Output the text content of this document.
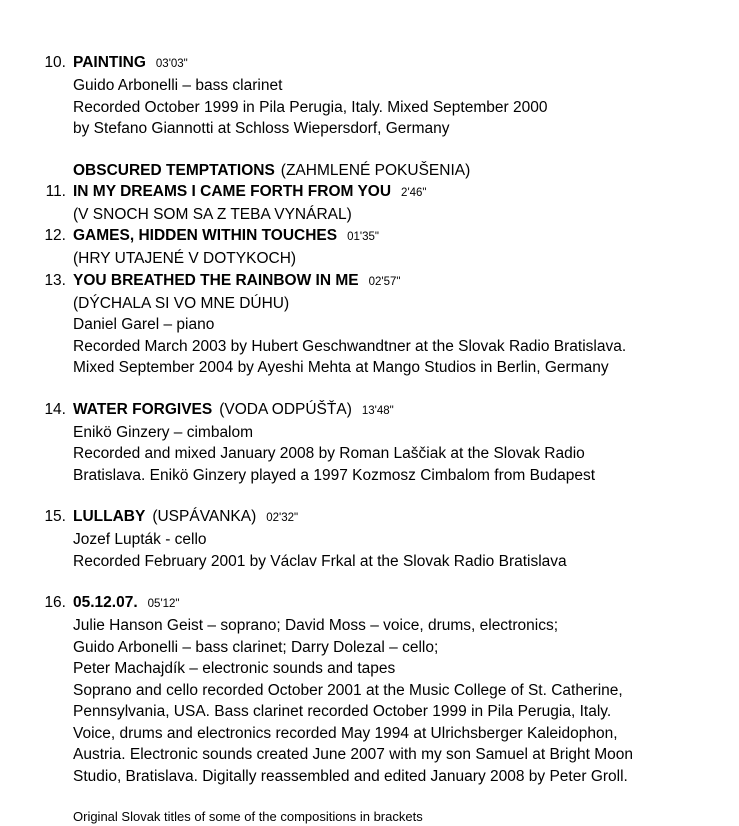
10. PAINTING 03'03"
Guido Arbonelli – bass clarinet
Recorded October 1999 in Pila Perugia, Italy. Mixed September 2000
by Stefano Giannotti at Schloss Wiepersdorf, Germany
OBSCURED TEMPTATIONS (ZAHMLENÉ POKUŠENIA)
11. IN MY DREAMS I CAME FORTH FROM YOU 2'46"
(V SNOCH SOM SA Z TEBA VYNÁRAL)
12. GAMES, HIDDEN WITHIN TOUCHES 01'35"
(HRY UTAJENÉ V DOTYKOCH)
13. YOU BREATHED THE RAINBOW IN ME 02'57"
(DÝCHALA SI VO MNE DÚHU)
Daniel Garel – piano
Recorded March 2003 by Hubert Geschwandtner at the Slovak Radio Bratislava.
Mixed September 2004 by Ayeshi Mehta at Mango Studios in Berlin, Germany
14. WATER FORGIVES (VODA ODPÚŠŤA) 13'48"
Enikö Ginzery – cimbalom
Recorded and mixed January 2008 by Roman Laščiak at the Slovak Radio
Bratislava. Enikö Ginzery played a 1997 Kozmosz Cimbalom from Budapest
15. LULLABY (USPÁVANKA) 02'32"
Jozef Lupták - cello
Recorded February 2001 by Václav Frkal at the Slovak Radio Bratislava
16. 05.12.07. 05'12"
Julie Hanson Geist – soprano; David Moss – voice, drums, electronics;
Guido Arbonelli – bass clarinet; Darry Dolezal – cello;
Peter Machajdík – electronic sounds and tapes
Soprano and cello recorded October 2001 at the Music College of St. Catherine,
Pennsylvania, USA. Bass clarinet recorded October 1999 in Pila Perugia, Italy.
Voice, drums and electronics recorded May 1994 at Ulrichsberger Kaleidophon,
Austria. Electronic sounds created June 2007 with my son Samuel at Bright Moon
Studio, Bratislava. Digitally reassembled and edited January 2008 by Peter Groll.
Original Slovak titles of some of the compositions in brackets
